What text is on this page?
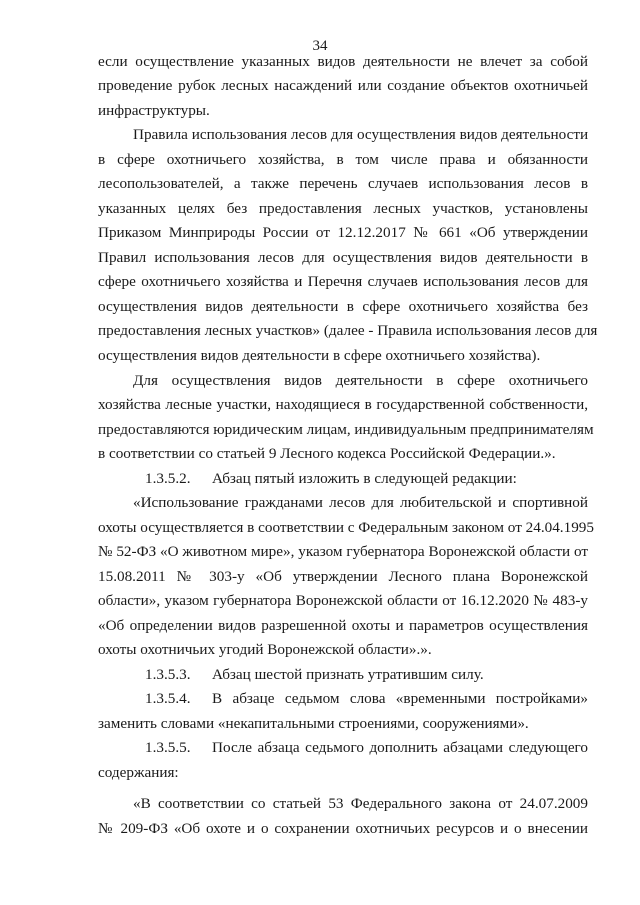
34
если осуществление указанных видов деятельности не влечет за собой
проведение рубок лесных насаждений или создание объектов охотничьей
инфраструктуры.
Правила использования лесов для осуществления видов деятельности
в сфере охотничьего хозяйства, в том числе права и обязанности
лесопользователей, а также перечень случаев использования лесов в
указанных целях без предоставления лесных участков, установлены
Приказом Минприроды России от 12.12.2017 № 661 «Об утверждении
Правил использования лесов для осуществления видов деятельности в
сфере охотничьего хозяйства и Перечня случаев использования лесов для
осуществления видов деятельности в сфере охотничьего хозяйства без
предоставления лесных участков» (далее - Правила использования лесов для
осуществления видов деятельности в сфере охотничьего хозяйства).
Для осуществления видов деятельности в сфере охотничьего
хозяйства лесные участки, находящиеся в государственной собственности,
предоставляются юридическим лицам, индивидуальным предпринимателям
в соответствии со статьей 9 Лесного кодекса Российской Федерации.».
1.3.5.2. Абзац пятый изложить в следующей редакции:
«Использование гражданами лесов для любительской и спортивной
охоты осуществляется в соответствии с Федеральным законом от 24.04.1995
№ 52-ФЗ «О животном мире», указом губернатора Воронежской области от
15.08.2011 № 303-у «Об утверждении Лесного плана Воронежской
области», указом губернатора Воронежской области от 16.12.2020 № 483-у
«Об определении видов разрешенной охоты и параметров осуществления
охоты охотничьих угодий Воронежской области».».
1.3.5.3. Абзац шестой признать утратившим силу.
1.3.5.4. В абзаце седьмом слова «временными постройками»
заменить словами «некапитальными строениями, сооружениями».
1.3.5.5. После абзаца седьмого дополнить абзацами следующего
содержания:
«В соответствии со статьей 53 Федерального закона от 24.07.2009
№ 209-ФЗ «Об охоте и о сохранении охотничьих ресурсов и о внесении
